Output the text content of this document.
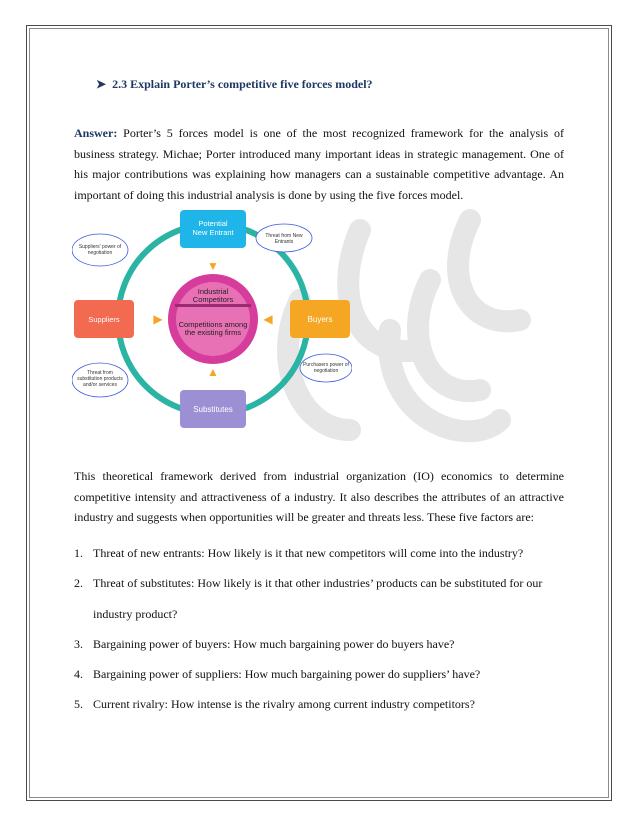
➤ 2.3 Explain Porter’s competitive five forces model?
Answer: Porter’s 5 forces model is one of the most recognized framework for the analysis of business strategy. Michae; Porter introduced many important ideas in strategic management. One of his major contributions was explaining how managers can a sustainable competitive advantage. An important of doing this industrial analysis is done by using the five forces model.
▼
▲
▶	◀
Industrial
Competitors
Competitions among
the existing firms
Potential
New Entrant
Suppliers	Buyers
Substitutes
Suppliers' power of
negotiation
Threat from New
Entrants
Purchasers power of
negotiation
Threat from
substitution products
and/or services
This theoretical framework derived from industrial organization (IO) economics to determine competitive intensity and attractiveness of a industry. It also describes the attributes of an attractive industry and suggests when opportunities will be greater and threats less. These five factors are:
1. Threat of new entrants: How likely is it that new competitors will come into the industry?
2. Threat of substitutes: How likely is it that other industries’ products can be substituted for our
industry product?
3. Bargaining power of buyers: How much bargaining power do buyers have?
4. Bargaining power of suppliers: How much bargaining power do suppliers’ have?
5. Current rivalry: How intense is the rivalry among current industry competitors?
